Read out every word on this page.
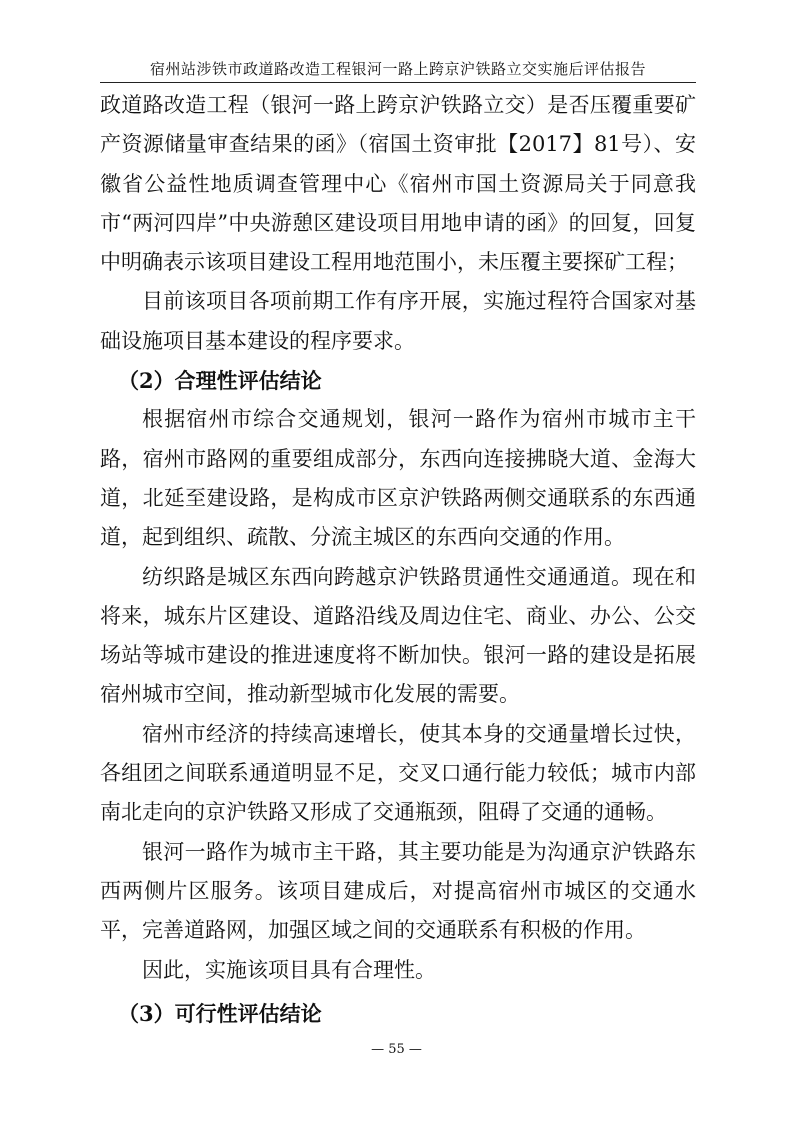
宿州站涉铁市政道路改造工程银河一路上跨京沪铁路立交实施后评估报告

政道路改造工程（银河一路上跨京沪铁路立交）是否压覆重要矿产资源储量审查结果的函》（宿国土资审批【2017】81号）、安徽省公益性地质调查管理中心《宿州市国土资源局关于同意我市“两河四岸”中央游憩区建设项目用地申请的函》的回复，回复中明确表示该项目建设工程用地范围小，未压覆主要探矿工程；

目前该项目各项前期工作有序开展，实施过程符合国家对基础设施项目基本建设的程序要求。

（2）合理性评估结论

根据宿州市综合交通规划，银河一路作为宿州市城市主干路，宿州市路网的重要组成部分，东西向连接拂晓大道、金海大道，北延至建设路，是构成市区京沪铁路两侧交通联系的东西通道，起到组织、疏散、分流主城区的东西向交通的作用。

纺织路是城区东西向跨越京沪铁路贯通性交通通道。现在和将来，城东片区建设、道路沿线及周边住宅、商业、办公、公交场站等城市建设的推进速度将不断加快。银河一路的建设是拓展宿州城市空间，推动新型城市化发展的需要。

宿州市经济的持续高速增长，使其本身的交通量增长过快，各组团之间联系通道明显不足，交叉口通行能力较低；城市内部南北走向的京沪铁路又形成了交通瓶颈，阻碍了交通的通畅。

银河一路作为城市主干路，其主要功能是为沟通京沪铁路东西两侧片区服务。该项目建成后，对提高宿州市城区的交通水平，完善道路网，加强区域之间的交通联系有积极的作用。

因此，实施该项目具有合理性。

（3）可行性评估结论

— 55 —
